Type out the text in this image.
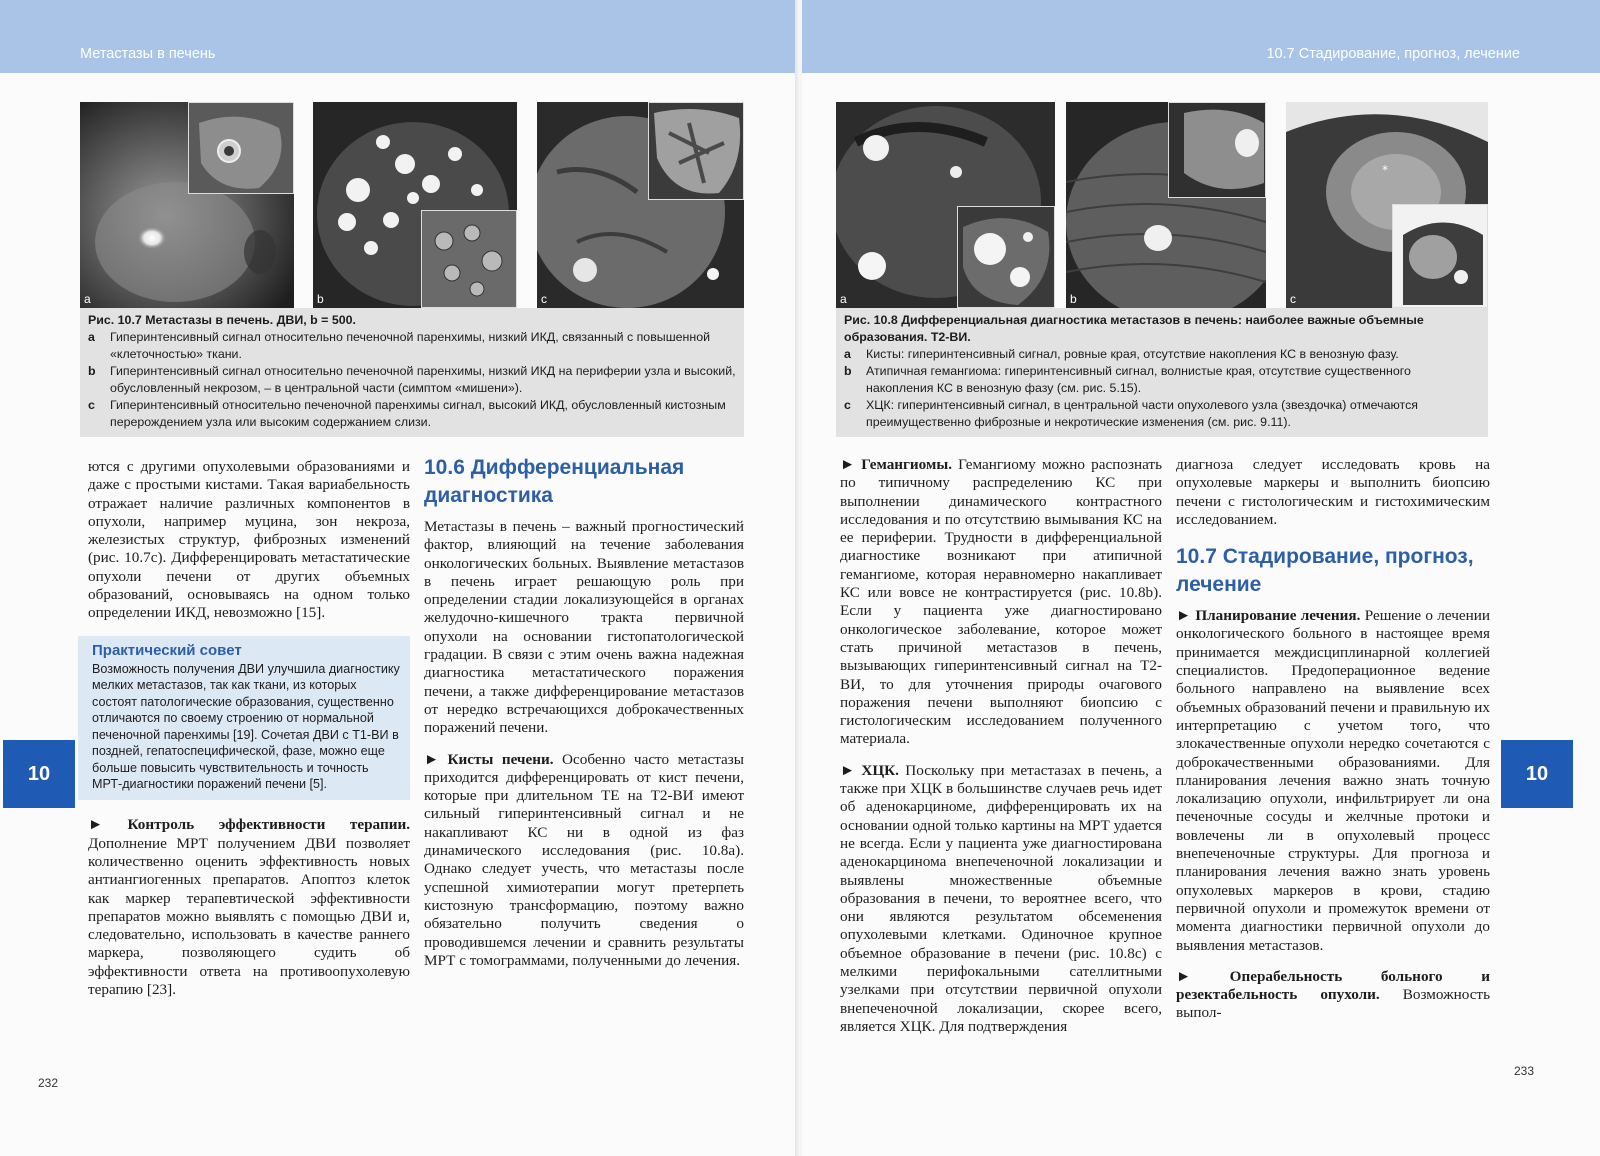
Метастазы в печень
a	b	c
Рис. 10.7 Метастазы в печень. ДВИ, b = 500.
a	Гиперинтенсивный сигнал относительно печеночной паренхимы, низкий ИКД, связанный с повышенной «клеточностью» ткани.
b	Гиперинтенсивный сигнал относительно печеночной паренхимы, низкий ИКД на периферии узла и высокий, обусловленный некрозом, – в центральной части (симптом «мишени»).
c	Гиперинтенсивный относительно печеночной паренхимы сигнал, высокий ИКД, обусловленный кистозным перерождением узла или высоким содержанием слизи.

ются с другими опухолевыми образованиями и даже с простыми кистами. Такая вариабельность отражает наличие различных компонентов в опухоли, например муцина, зон некроза, железистых структур, фиброзных изменений (рис. 10.7c). Дифференцировать метастатические опухоли печени от других объемных образований, основываясь на одном только определении ИКД, невозможно [15].

Практический совет
Возможность получения ДВИ улучшила диагностику мелких метастазов, так как ткани, из которых состоят патологические образования, существенно отличаются по своему строению от нормальной печеночной паренхимы [19]. Сочетая ДВИ с Т1-ВИ в поздней, гепатоспецифической, фазе, можно еще больше повысить чувствительность и точность МРТ-диагностики поражений печени [5].

► Контроль эффективности терапии. Дополнение МРТ получением ДВИ позволяет количественно оценить эффективность новых антиангиогенных препаратов. Апоптоз клеток как маркер терапевтической эффективности препаратов можно выявлять с помощью ДВИ и, следовательно, использовать в качестве раннего маркера, позволяющего судить об эффективности ответа на противоопухолевую терапию [23].

10.6 Дифференциальная диагностика

Метастазы в печень – важный прогностический фактор, влияющий на течение заболевания онкологических больных. Выявление метастазов в печень играет решающую роль при определении стадии локализующейся в органах желудочно-кишечного тракта первичной опухоли на основании гистопатологической градации. В связи с этим очень важна надежная диагностика метастатического поражения печени, а также дифференцирование метастазов от нередко встречающихся доброкачественных поражений печени.

► Кисты печени. Особенно часто метастазы приходится дифференцировать от кист печени, которые при длительном TE на Т2-ВИ имеют сильный гиперинтенсивный сигнал и не накапливают КС ни в одной из фаз динамического исследования (рис. 10.8a). Однако следует учесть, что метастазы после успешной химиотерапии могут претерпеть кистозную трансформацию, поэтому важно обязательно получить сведения о проводившемся лечении и сравнить результаты МРТ с томограммами, полученными до лечения.

10
232
10.7 Стадирование, прогноз, лечение
a	b
*
c
Рис. 10.8 Дифференциальная диагностика метастазов в печень: наиболее важные объемные образования. Т2-ВИ.
a	Кисты: гиперинтенсивный сигнал, ровные края, отсутствие накопления КС в венозную фазу.
b	Атипичная гемангиома: гиперинтенсивный сигнал, волнистые края, отсутствие существенного накопления КС в венозную фазу (см. рис. 5.15).
c	ХЦК: гиперинтенсивный сигнал, в центральной части опухолевого узла (звездочка) отмечаются преимущественно фиброзные и некротические изменения (см. рис. 9.11).

► Гемангиомы. Гемангиому можно распознать по типичному распределению КС при выполнении динамического контрастного исследования и по отсутствию вымывания КС на ее периферии. Трудности в дифференциальной диагностике возникают при атипичной гемангиоме, которая неравномерно накапливает КС или вовсе не контрастируется (рис. 10.8b). Если у пациента уже диагностировано онкологическое заболевание, которое может стать причиной метастазов в печень, вызывающих гиперинтенсивный сигнал на Т2-ВИ, то для уточнения природы очагового поражения печени выполняют биопсию с гистологическим исследованием полученного материала.

► ХЦК. Поскольку при метастазах в печень, а также при ХЦК в большинстве случаев речь идет об аденокарциноме, дифференцировать их на основании одной только картины на МРТ удается не всегда. Если у пациента уже диагностирована аденокарцинома внепеченочной локализации и выявлены множественные объемные образования в печени, то вероятнее всего, что они являются результатом обсеменения опухолевыми клетками. Одиночное крупное объемное образование в печени (рис. 10.8c) с мелкими перифокальными сателлитными узелками при отсутствии первичной опухоли внепеченочной локализации, скорее всего, является ХЦК. Для подтверждения

диагноза следует исследовать кровь на опухолевые маркеры и выполнить биопсию печени с гистологическим и гистохимическим исследованием.

10.7 Стадирование, прогноз, лечение

► Планирование лечения. Решение о лечении онкологического больного в настоящее время принимается междисциплинарной коллегией специалистов. Предоперационное ведение больного направлено на выявление всех объемных образований печени и правильную их интерпретацию с учетом того, что злокачественные опухоли нередко сочетаются с доброкачественными образованиями. Для планирования лечения важно знать точную локализацию опухоли, инфильтрирует ли она печеночные сосуды и желчные протоки и вовлечены ли в опухолевый процесс внепеченочные структуры. Для прогноза и планирования лечения важно знать уровень опухолевых маркеров в крови, стадию первичной опухоли и промежуток времени от момента диагностики первичной опухоли до выявления метастазов.

► Операбельность больного и резектабельность опухоли. Возможность выпол-

10
233
